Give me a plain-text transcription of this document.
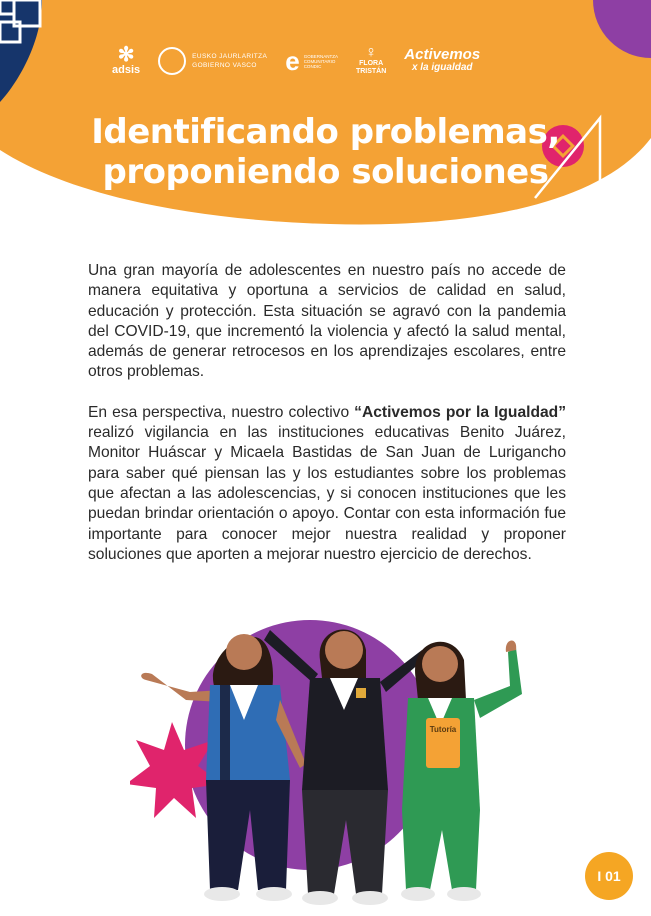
✻
adsis
EUSKO JAURLARITZA
GOBIERNO VASCO	e GOBERNANTZA
COMUNITARIO
CONDIC
♀
FLORA
TRISTÁN
Activemos
x la igualdad
Identificando problemas,
proponiendo soluciones

Una gran mayoría de adolescentes en nuestro país no accede de manera equitativa y oportuna a servicios de calidad en salud, educación y protección. Esta situación se agravó con la pandemia del COVID-19, que incrementó la violencia y afectó la salud mental, además de generar retrocesos en los aprendizajes escolares, entre otros problemas.

En esa perspectiva, nuestro colectivo “Activemos por la Igualdad” realizó vigilancia en las instituciones educativas Benito Juárez, Monitor Huáscar y Micaela Bastidas de San Juan de Lurigancho para saber qué piensan las y los estudiantes sobre los problemas que afectan a las adolescencias, y si conocen instituciones que les puedan brindar orientación o apoyo. Contar con esta información fue importante para conocer mejor nuestra realidad y proponer soluciones que aporten a mejorar nuestro ejercicio de derechos.

Tutoría
I 01
